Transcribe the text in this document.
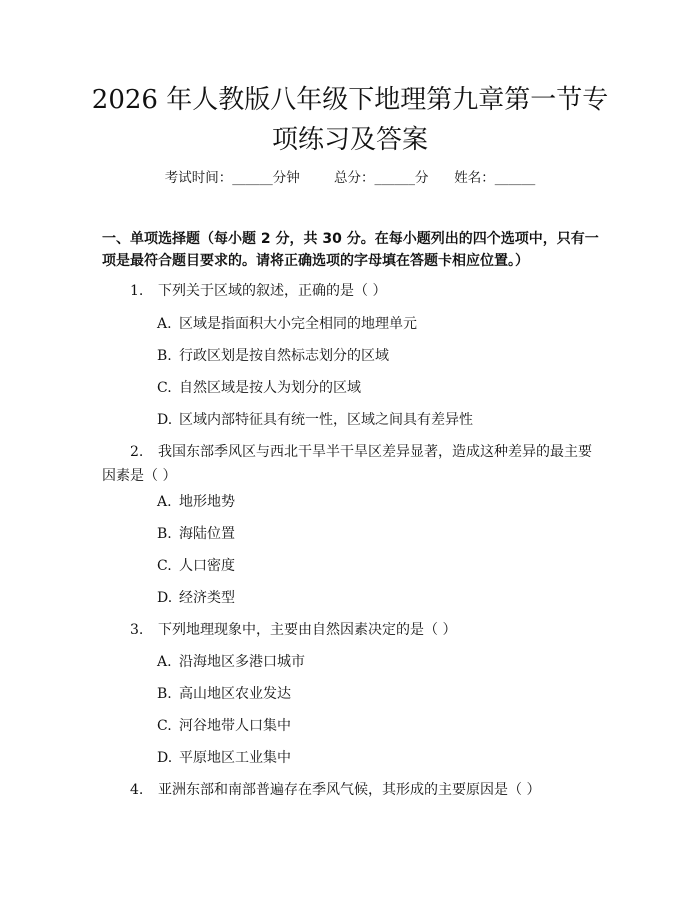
2026 年人教版八年级下地理第九章第一节专项练习及答案
考试时间：______分钟	总分：______分 姓名：______
一、单项选择题（每小题 2 分，共 30 分。在每小题列出的四个选项中，只有一项是最符合题目要求的。请将正确选项的字母填在答题卡相应位置。）
1. 下列关于区域的叙述，正确的是（ ）
A. 区域是指面积大小完全相同的地理单元
B. 行政区划是按自然标志划分的区域
C. 自然区域是按人为划分的区域
D. 区域内部特征具有统一性，区域之间具有差异性
2. 我国东部季风区与西北干旱半干旱区差异显著，造成这种差异的最主要因素是（ ）
A. 地形地势
B. 海陆位置
C. 人口密度
D. 经济类型
3. 下列地理现象中，主要由自然因素决定的是（ ）
A. 沿海地区多港口城市
B. 高山地区农业发达
C. 河谷地带人口集中
D. 平原地区工业集中
4. 亚洲东部和南部普遍存在季风气候，其形成的主要原因是（ ）
